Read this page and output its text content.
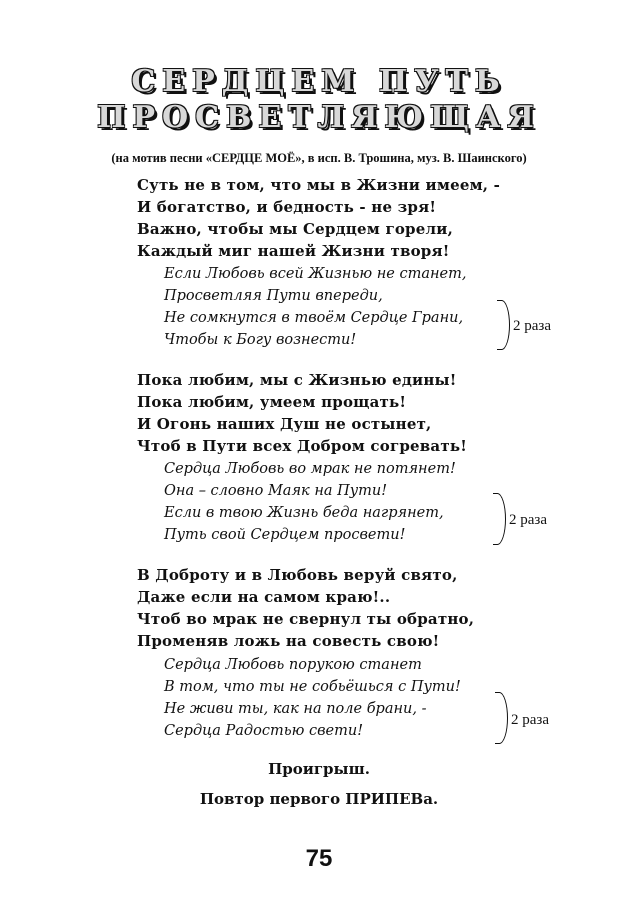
СЕРДЦЕМ ПУТЬ
ПРОСВЕТЛЯЮЩАЯ
(на мотив песни «СЕРДЦЕ МОЁ», в исп. В. Трошина, муз. В. Шаинского)
Суть не в том, что мы в Жизни имеем, -
И богатство, и бедность - не зря!
Важно, чтобы мы Сердцем горели,
Каждый миг нашей Жизни творя!
Если Любовь всей Жизнью не станет,
Просветляя Пути впереди,
Не сомкнутся в твоём Сердце Грани,
Чтобы к Богу вознести!
2 раза
Пока любим, мы с Жизнью едины!
Пока любим, умеем прощать!
И Огонь наших Душ не остынет,
Чтоб в Пути всех Добром согревать!
Сердца Любовь во мрак не потянет!
Она – словно Маяк на Пути!
Если в твою Жизнь беда нагрянет,
Путь свой Сердцем просвети!
2 раза
В Доброту и в Любовь веруй свято,
Даже если на самом краю!..
Чтоб во мрак не свернул ты обратно,
Променяв ложь на совесть свою!
Сердца Любовь порукою станет
В том, что ты не собьёшься с Пути!
Не живи ты, как на поле брани, -
Сердца Радостью свети!
2 раза
Проигрыш.
Повтор первого ПРИПЕВа.
75
